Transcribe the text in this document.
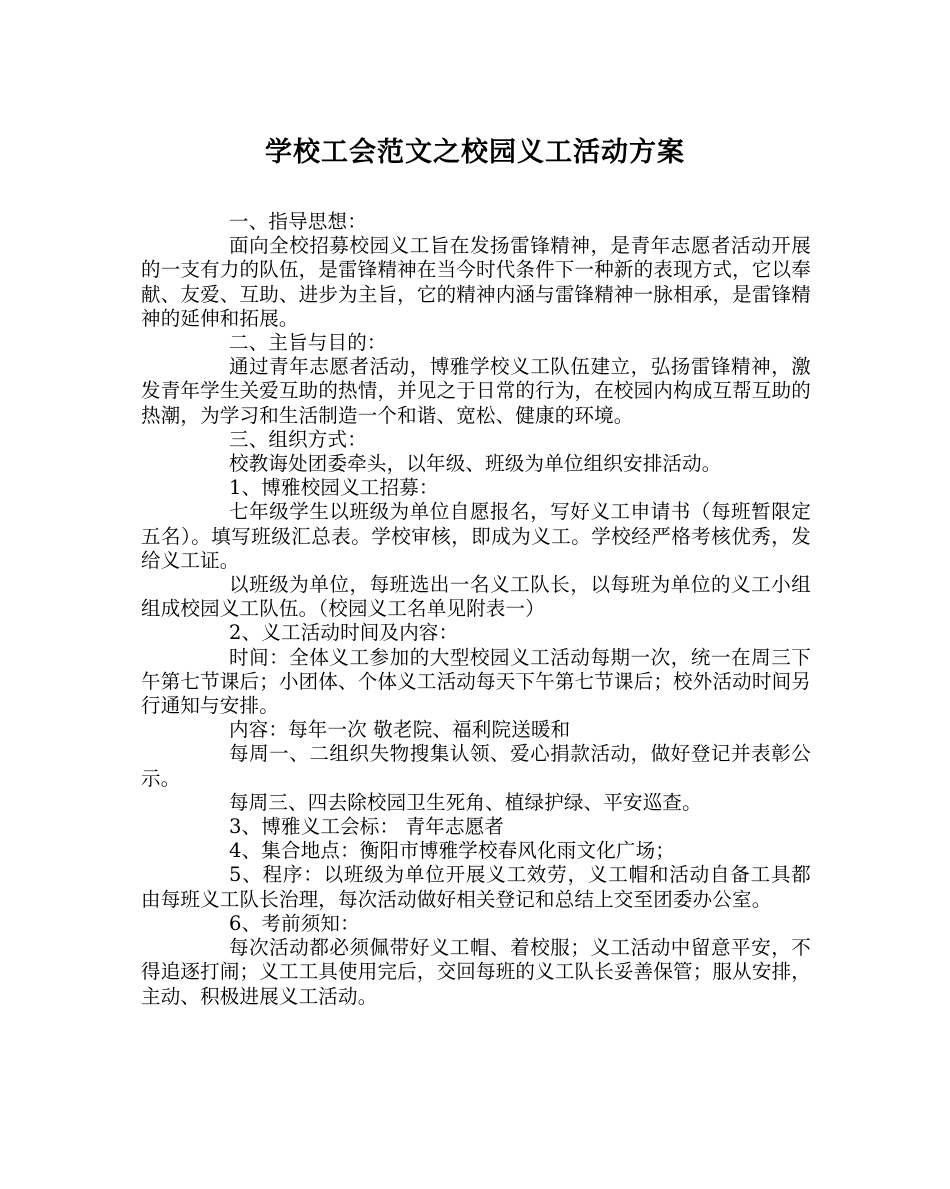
学校工会范文之校园义工活动方案

一、指导思想：

面向全校招募校园义工旨在发扬雷锋精神，是青年志愿者活动开展的一支有力的队伍，是雷锋精神在当今时代条件下一种新的表现方式，它以奉献、友爱、互助、进步为主旨，它的精神内涵与雷锋精神一脉相承，是雷锋精神的延伸和拓展。

二、主旨与目的：

通过青年志愿者活动，博雅学校义工队伍建立，弘扬雷锋精神，激发青年学生关爱互助的热情，并见之于日常的行为，在校园内构成互帮互助的热潮，为学习和生活制造一个和谐、宽松、健康的环境。

三、组织方式：

校教诲处团委牵头，以年级、班级为单位组织安排活动。

1、博雅校园义工招募：

七年级学生以班级为单位自愿报名，写好义工申请书（每班暂限定五名）。填写班级汇总表。学校审核，即成为义工。学校经严格考核优秀，发给义工证。

以班级为单位，每班选出一名义工队长，以每班为单位的义工小组组成校园义工队伍。（校园义工名单见附表一）

2、义工活动时间及内容：

时间：全体义工参加的大型校园义工活动每期一次，统一在周三下午第七节课后；小团体、个体义工活动每天下午第七节课后；校外活动时间另行通知与安排。

内容：每年一次 敬老院、福利院送暖和

每周一、二组织失物搜集认领、爱心捐款活动，做好登记并表彰公示。

每周三、四去除校园卫生死角、植绿护绿、平安巡查。

3、博雅义工会标： 青年志愿者

4、集合地点：衡阳市博雅学校春风化雨文化广场；

5、程序：以班级为单位开展义工效劳，义工帽和活动自备工具都由每班义工队长治理，每次活动做好相关登记和总结上交至团委办公室。

6、考前须知：

每次活动都必须佩带好义工帽、着校服；义工活动中留意平安，不得追逐打闹；义工工具使用完后，交回每班的义工队长妥善保管；服从安排，主动、积极进展义工活动。
